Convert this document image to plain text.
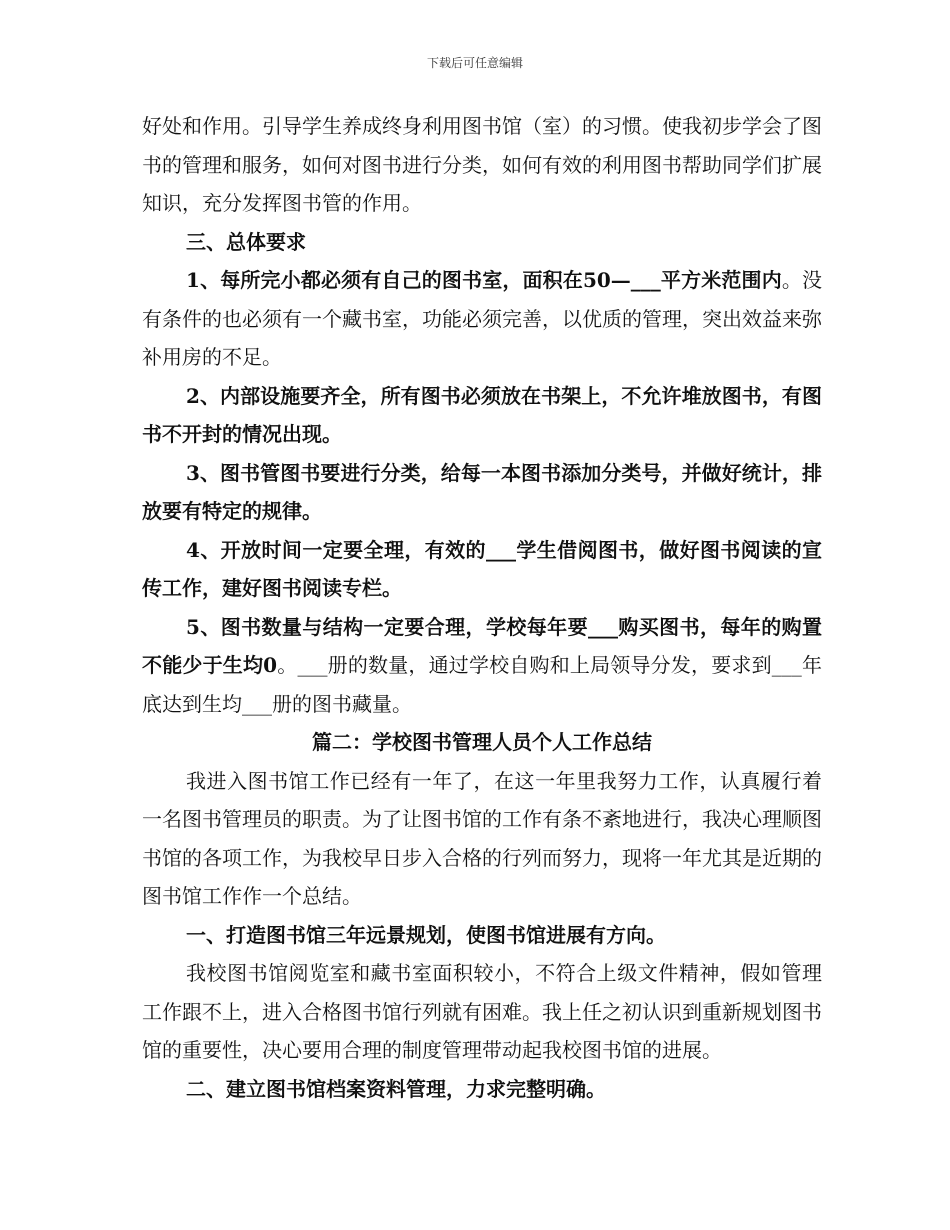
下载后可任意编辑

好处和作用。引导学生养成终身利用图书馆（室）的习惯。使我初步学会了图书的管理和服务，如何对图书进行分类，如何有效的利用图书帮助同学们扩展知识，充分发挥图书管的作用。

三、总体要求

1、每所完小都必须有自己的图书室，面积在50—___平方米范围内。没有条件的也必须有一个藏书室，功能必须完善，以优质的管理，突出效益来弥补用房的不足。

2、内部设施要齐全，所有图书必须放在书架上，不允许堆放图书，有图书不开封的情况出现。

3、图书管图书要进行分类，给每一本图书添加分类号，并做好统计，排放要有特定的规律。

4、开放时间一定要全理，有效的___学生借阅图书，做好图书阅读的宣传工作，建好图书阅读专栏。

5、图书数量与结构一定要合理，学校每年要___购买图书，每年的购置不能少于生均0。___册的数量，通过学校自购和上局领导分发，要求到___年底达到生均___册的图书藏量。

篇二：学校图书管理人员个人工作总结

我进入图书馆工作已经有一年了，在这一年里我努力工作，认真履行着一名图书管理员的职责。为了让图书馆的工作有条不紊地进行，我决心理顺图书馆的各项工作，为我校早日步入合格的行列而努力，现将一年尤其是近期的图书馆工作作一个总结。

一、打造图书馆三年远景规划，使图书馆进展有方向。

我校图书馆阅览室和藏书室面积较小，不符合上级文件精神，假如管理工作跟不上，进入合格图书馆行列就有困难。我上任之初认识到重新规划图书馆的重要性，决心要用合理的制度管理带动起我校图书馆的进展。

二、建立图书馆档案资料管理，力求完整明确。
